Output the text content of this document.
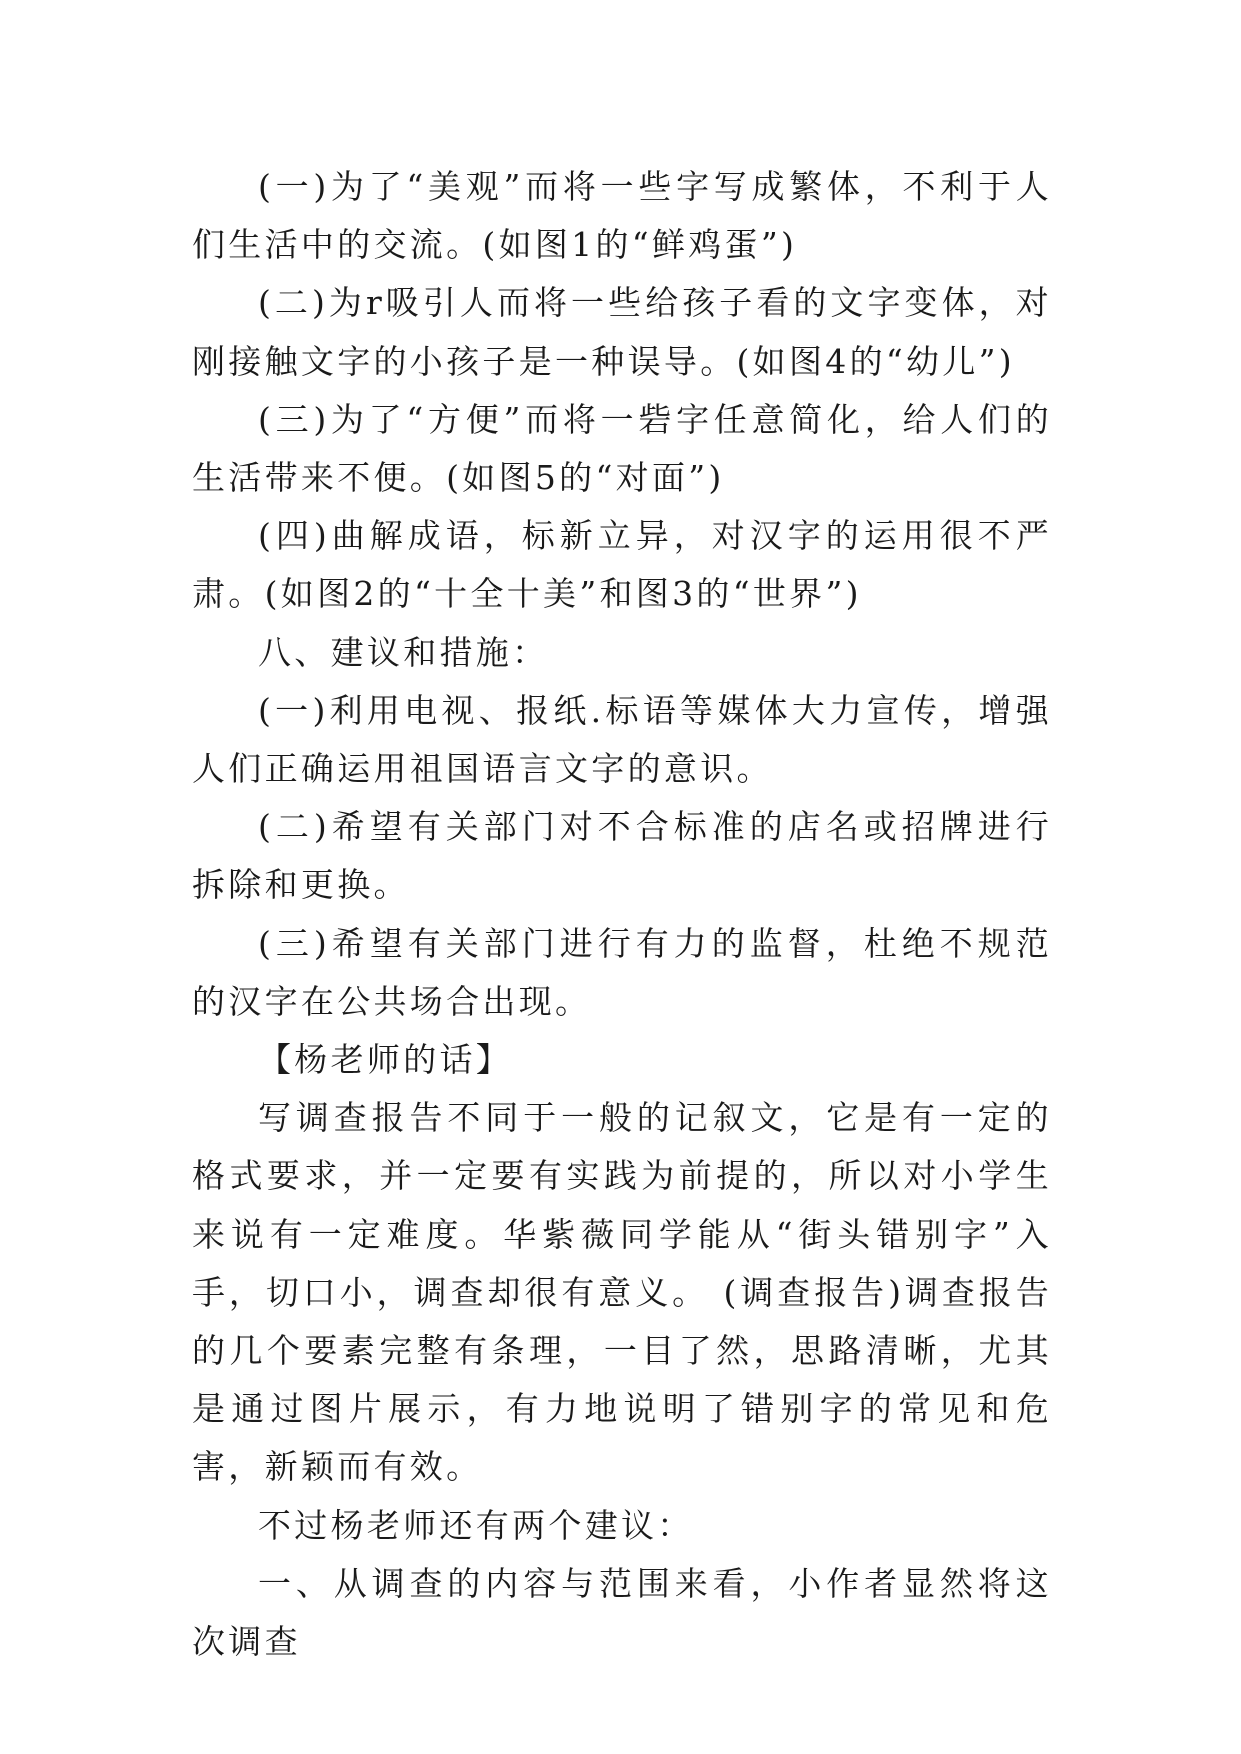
(一)为了“美观”而将一些字写成繁体，不利于人们生活中的交流。(如图1的“鲜鸡蛋”)

(二)为r吸引人而将一些给孩子看的文字变体，对刚接触文字的小孩子是一种误导。(如图4的“幼儿”)

(三)为了“方便”而将一砦字任意简化，给人们的生活带来不便。(如图5的“对面”)

(四)曲解成语，标新立异，对汉字的运用很不严肃。(如图2的“十全十美”和图3的“世界”)

八、建议和措施：

(一)利用电视、报纸.标语等媒体大力宣传，增强人们正确运用祖国语言文字的意识。

(二)希望有关部门对不合标准的店名或招牌进行拆除和更换。

(三)希望有关部门进行有力的监督，杜绝不规范的汉字在公共场合出现。

【杨老师的话】

写调查报告不同于一般的记叙文，它是有一定的格式要求，并一定要有实践为前提的，所以对小学生来说有一定难度。华紫薇同学能从“街头错别字”入手，切口小，调查却很有意义。 (调查报告)调查报告的几个要素完整有条理，一目了然，思路清晰，尤其是通过图片展示，有力地说明了错别字的常见和危害，新颖而有效。

不过杨老师还有两个建议：

一、从调查的内容与范围来看，小作者显然将这次调查
